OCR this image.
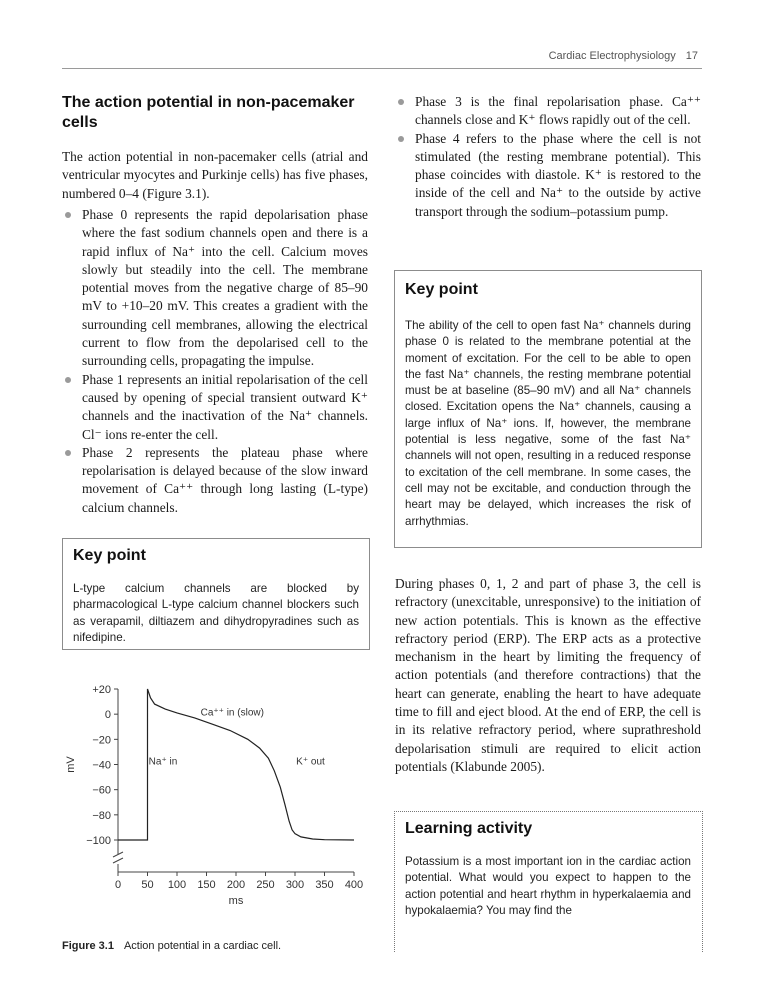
Cardiac Electrophysiology 17
The action potential in non-pacemaker cells

The action potential in non-pacemaker cells (atrial and ventricular myocytes and Purkinje cells) has five phases, numbered 0–4 (Figure 3.1).

Phase 0 represents the rapid depolarisation phase where the fast sodium channels open and there is a rapid influx of Na⁺ into the cell. Calcium moves slowly but steadily into the cell. The membrane potential moves from the negative charge of 85–90 mV to +10–20 mV. This creates a gradient with the surrounding cell membranes, allowing the electrical current to flow from the depolarised cell to the surrounding cells, propagating the impulse.
Phase 1 represents an initial repolarisation of the cell caused by opening of special transient outward K⁺ channels and the inactivation of the Na⁺ channels. Cl⁻ ions re-enter the cell.
Phase 2 represents the plateau phase where repolarisation is delayed because of the slow inward movement of Ca⁺⁺ through long lasting (L-type) calcium channels.
Phase 3 is the final repolarisation phase. Ca⁺⁺ channels close and K⁺ flows rapidly out of the cell.
Phase 4 refers to the phase where the cell is not stimulated (the resting membrane potential). This phase coincides with diastole. K⁺ is restored to the inside of the cell and Na⁺ to the outside by active transport through the sodium–potassium pump.
Key point

The ability of the cell to open fast Na⁺ channels during phase 0 is related to the membrane potential at the moment of excitation. For the cell to be able to open the fast Na⁺ channels, the resting membrane potential must be at baseline (85–90 mV) and all Na⁺ channels closed. Excitation opens the Na⁺ channels, causing a large influx of Na⁺ ions. If, however, the membrane potential is less negative, some of the fast Na⁺ channels will not open, resulting in a reduced response to excitation of the cell membrane. In some cases, the cell may not be excitable, and conduction through the heart may be delayed, which increases the risk of arrhythmias.

Key point

L-type calcium channels are blocked by pharmacological L-type calcium channel blockers such as verapamil, diltiazem and dihydropyradines such as nifedipine.

During phases 0, 1, 2 and part of phase 3, the cell is refractory (unexcitable, unresponsive) to the initiation of new action potentials. This is known as the effective refractory period (ERP). The ERP acts as a protective mechanism in the heart by limiting the frequency of action potentials (and therefore contractions) that the heart can generate, enabling the heart to have adequate time to fill and eject blood. At the end of ERP, the cell is in its relative refractory period, where suprathreshold depolarisation stimuli are required to elicit action potentials (Klabunde 2005).

Learning activity

Potassium is a most important ion in the cardiac action potential. What would you expect to happen to the action potential and heart rhythm in hyperkalaemia and hypokalaemia? You may find the

+20
0
−20
−40
−60
−80
−100
0 50 100 150 200 250 300 350 400
ms
mV
Ca⁺⁺ in (slow)
Na⁺ in	K⁺ out
Figure 3.1 Action potential in a cardiac cell.
